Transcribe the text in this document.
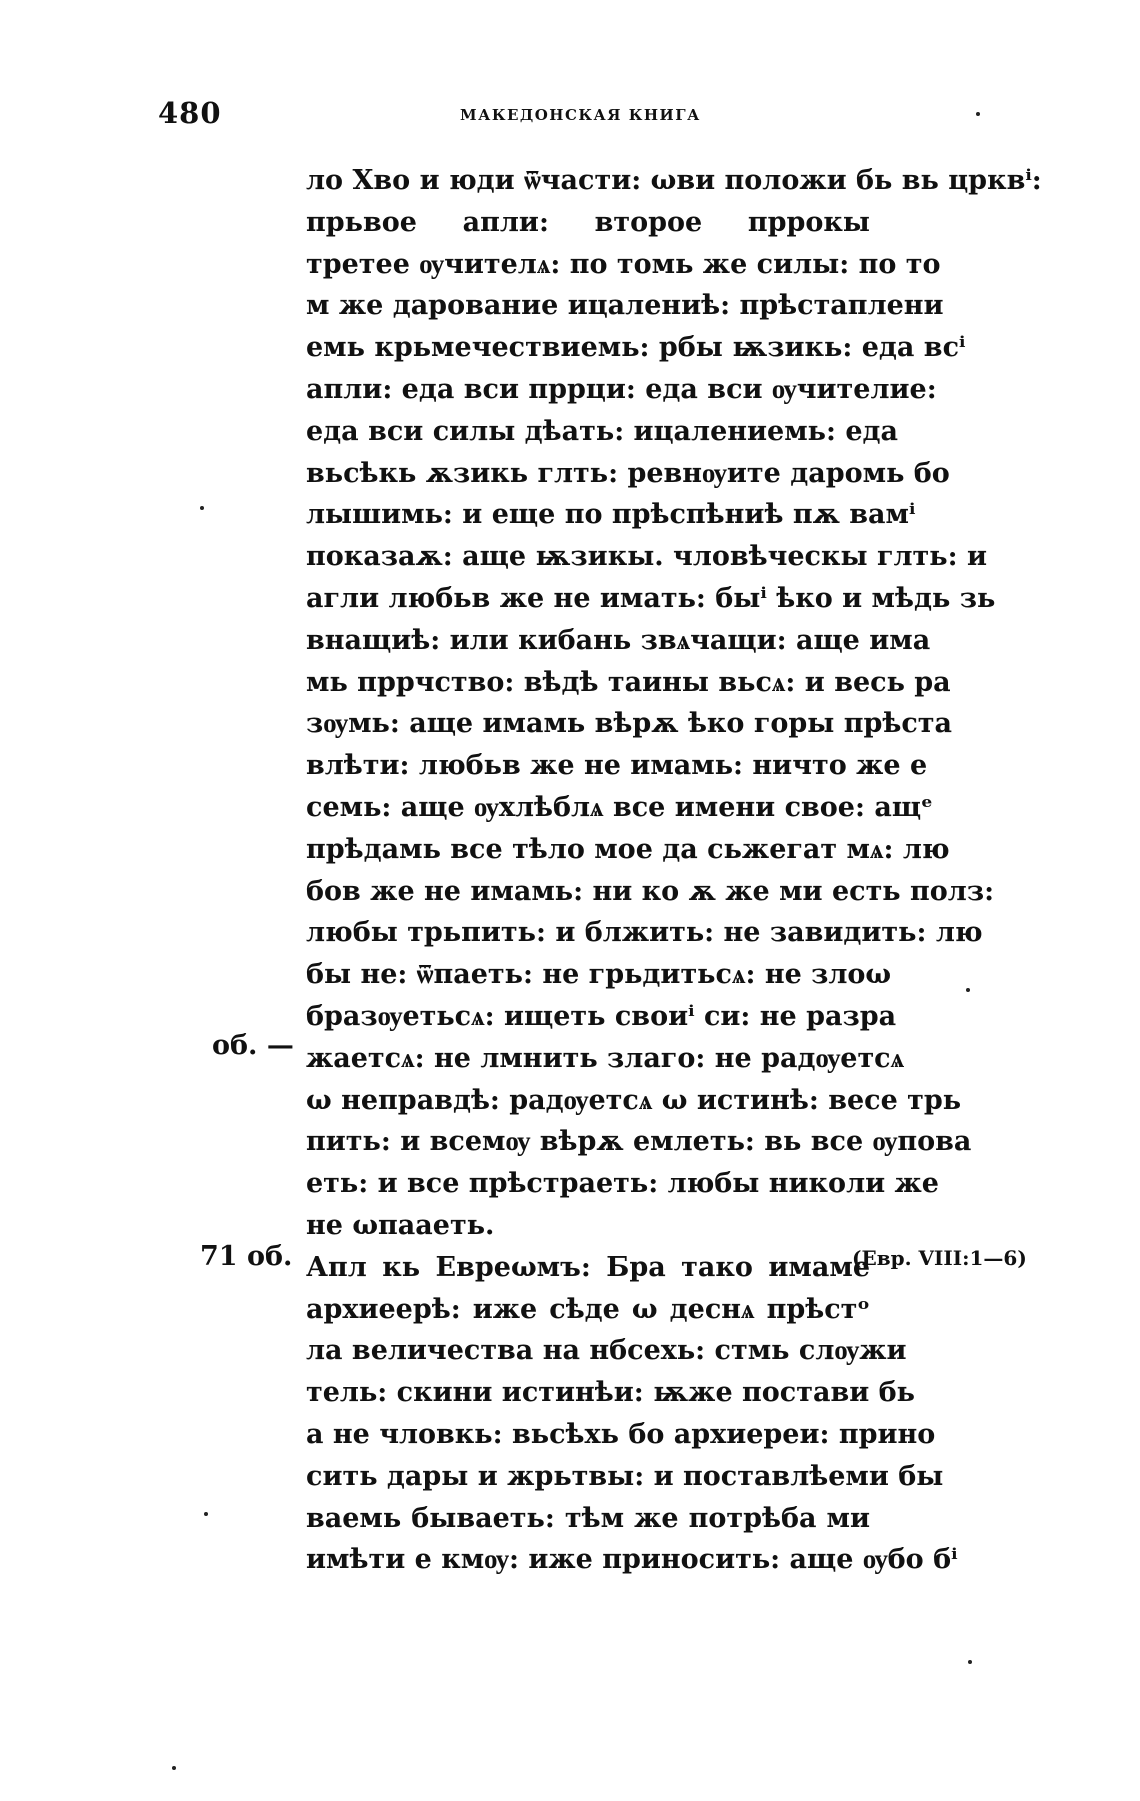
480	МАКЕДОНСКАЯ КНИГА
об. —
71 об.	(Евр. VIII:1—6)
ло Хво и юди ѿчасти: ωви положи бь вь црквⁱ:
прьвое апли: второе пррокы
третее ѹчителѧ: по томь же силы: по то
м же дарование ицалениѣ: прѣстаплени
емь крьмечествиемь: рбы ѭзикь: еда всⁱ
апли: еда вси пррци: еда вси ѹчителие:
еда вси силы дѣать: ицалениемь: еда
вьсѣкь ѫзикь глть: ревнѹите даромь бо
лышимь: и еще по прѣспѣниѣ пѫ вамⁱ
показаѫ: аще ѭзикы. чловѣческы глть: и
агли любьв же не имать: быⁱ ѣко и мѣдь зь
внащиѣ: или кибань звѧчащи: аще има
мь пррчство: вѣдѣ таины вьсѧ: и весь ра
зѹмь: аще имамь вѣрѫ ѣко горы прѣста
влѣти: любьв же не имамь: ничто же е
семь: аще ѹхлѣблѧ все имени свое: ащᵉ
прѣдамь все тѣло мое да сьжегат мѧ: лю
бов же не имамь: ни ко ѫ же ми есть полз:
любы трьпить: и блжить: не завидить: лю
бы не: ѿпаеть: не грьдитьсѧ: не злоω
бразѹетьсѧ: ищеть своиⁱ си: не разра
жаетсѧ: не лмнить злаго: не радѹетсѧ
ω неправдѣ: радѹетсѧ ω истинѣ: весе трь
пить: и всемѹ вѣрѫ емлеть: вь все ѹпова
еть: и все прѣстраеть: любы николи же
не ωпааеть.
Апл кь Евреωмъ: Бра тако имаме
архиеерѣ: иже сѣде ω деснѧ прѣстᵒ
ла величества на нбсехь: стмь слѹжи
тель: скини истинѣи: ѭже постави бь
а не чловкь: вьсѣхь бо архиереи: прино
сить дары и жрьтвы: и поставлѣеми бы
ваемь бываеть: тѣм же потрѣба ми
имѣти е кмѹ: иже приносить: аще ѹбо бⁱ
